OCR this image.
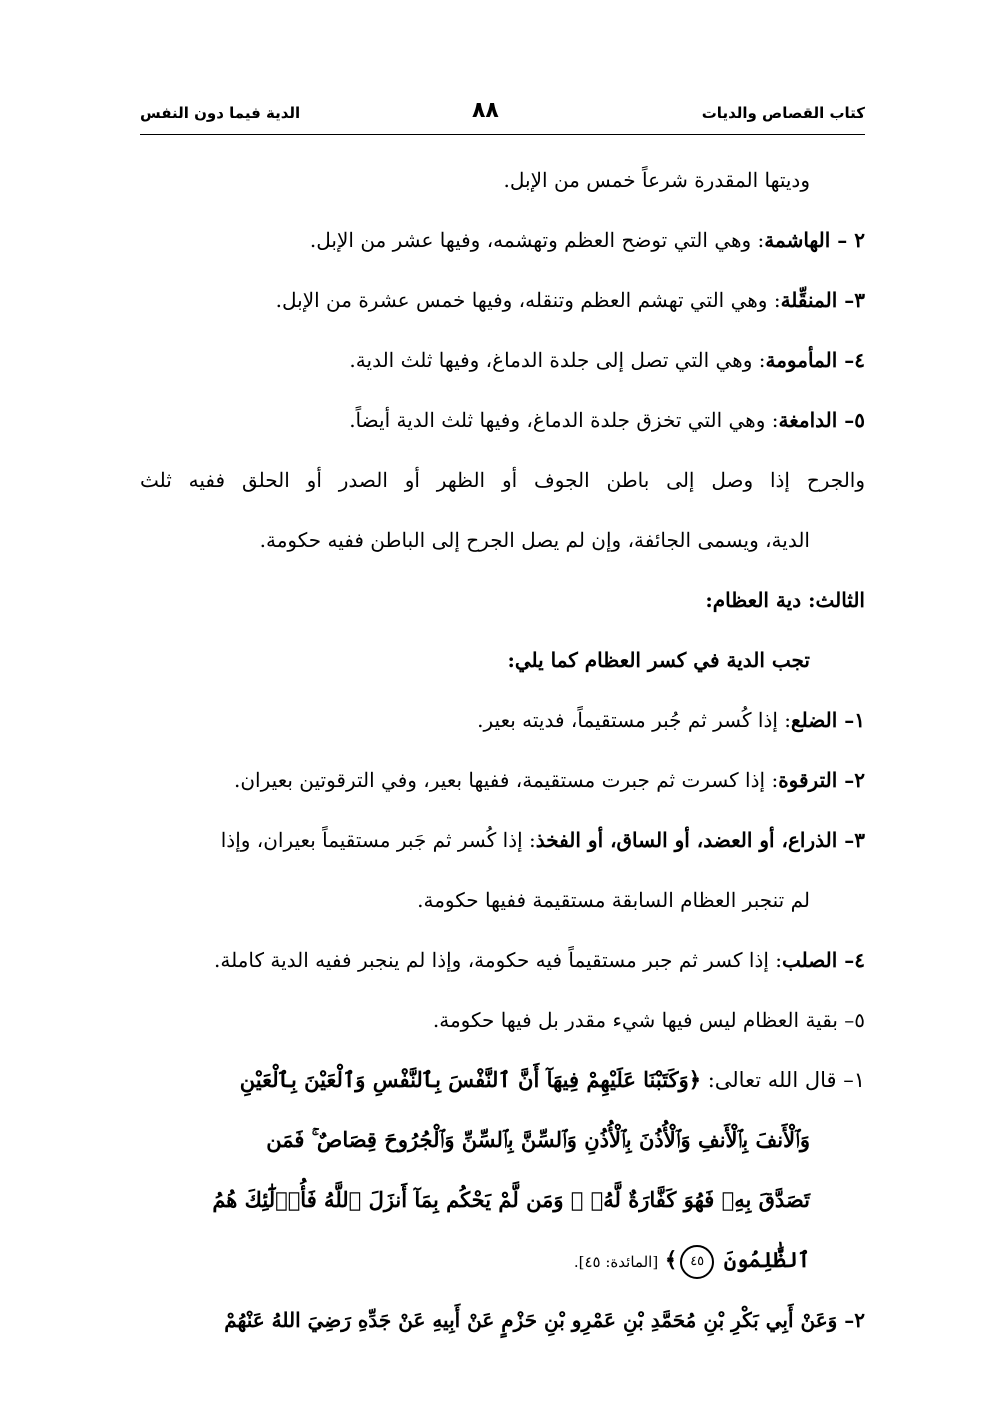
الدية فيما دون النفس	٨٨	كتاب القصاص والديات
وديتها المقدرة شرعاً خمس من الإبل.
٢ – الهاشمة: وهي التي توضح العظم وتهشمه، وفيها عشر من الإبل.
٣– المنقِّلة: وهي التي تهشم العظم وتنقله، وفيها خمس عشرة من الإبل.
٤– المأمومة: وهي التي تصل إلى جلدة الدماغ، وفيها ثلث الدية.
٥– الدامغة: وهي التي تخزق جلدة الدماغ، وفيها ثلث الدية أيضاً.
والجرح إذا وصل إلى باطن الجوف أو الظهر أو الصدر أو الحلق ففيه ثلث
الدية، ويسمى الجائفة، وإن لم يصل الجرح إلى الباطن ففيه حكومة.
الثالث: دية العظام:
تجب الدية في كسر العظام كما يلي:
١– الضلع: إذا كُسر ثم جُبر مستقيماً، فديته بعير.
٢– الترقوة: إذا كسرت ثم جبرت مستقيمة، ففيها بعير، وفي الترقوتين بعيران.
٣– الذراع، أو العضد، أو الساق، أو الفخذ: إذا كُسر ثم جَبر مستقيماً بعيران، وإذا
لم تنجبر العظام السابقة مستقيمة ففيها حكومة.
٤– الصلب: إذا كسر ثم جبر مستقيماً فيه حكومة، وإذا لم ينجبر ففيه الدية كاملة.
٥– بقية العظام ليس فيها شيء مقدر بل فيها حكومة.
١– قال الله تعالى: ﴿وَكَتَبْنَا عَلَيْهِمْ فِيهَآ أَنَّ ٱلنَّفْسَ بِٱلنَّفْسِ وَٱلْعَيْنَ بِٱلْعَيْنِ
وَٱلْأَنفَ بِٱلْأَنفِ وَٱلْأُذُنَ بِٱلْأُذُنِ وَٱلسِّنَّ بِٱلسِّنِّ وَٱلْجُرُوحَ قِصَاصٌ ۚ فَمَن
تَصَدَّقَ بِهِۦ فَهُوَ كَفَّارَةٌ لَّهُۥ ۚ وَمَن لَّمْ يَحْكُم بِمَآ أَنزَلَ ٱللَّهُ فَأُو۟لَٰٓئِكَ هُمُ
ٱلظَّٰلِمُونَ ٤٥﴾ [المائدة: ٤٥].
٢– وَعَنْ أَبِي بَكْرِ بْنِ مُحَمَّدِ بْنِ عَمْرِو بْنِ حَزْمٍ عَنْ أَبِيهِ عَنْ جَدِّهِ رَضِيَ اللهُ عَنْهُمْ
